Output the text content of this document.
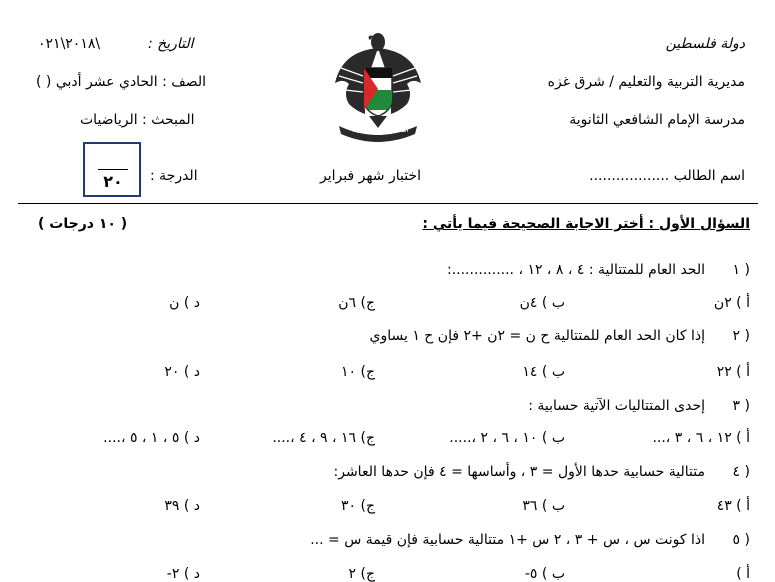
دولة فلسطين
مديرية التربية والتعليم / شرق غزه
مدرسة الإمام الشافعي الثانوية
اسم الطالب ..................
التاريخ :
٢٠١٨\٠٢١\
الصف : الحادي عشر أدبي ( )
المبحث : الرياضيات
الدرجة :
٢٠	اختبار شهر فبراير
السلطة الفلسطينية
السؤال الأول : أختر الاجابة الصحيحة فيما يأتي :
( ١٠ درجات )
١ )
الحد العام للمتتالية : ٤ ، ٨ ، ١٢ ، ..............:
أ ) ٢ن
ب ) ٤ن
ج) ٦ن
د ) ن
٢ )
إذا كان الحد العام للمتتالية ح ن = ٢ن +٢ فإن ح ١ يساوي
أ ) ٢٢
ب ) ١٤
ج) ١٠
د ) ٢٠
٣ )
إحدى المتتاليات الآتية حسابية :
أ ) ١٢ ، ٦ ، ٣ ،...
ب ) ١٠ ، ٦ ، ٢ ،.....
ج) ١٦ ، ٩ ، ٤ ،....
د ) ٥ ، ١ ، ٥ ،....
٤ )
متتالية حسابية حدها الأول = ٣ ، وأساسها = ٤ فإن حدها العاشر:
أ ) ٤٣
ب ) ٣٦
ج) ٣٠
د ) ٣٩
٥ )
اذا كونت س ، س + ٣ ، ٢ س +١ متتالية حسابية فإن قيمة س = ...
أ )
ب ) ٥-
ج) ٢
د ) ٢-
